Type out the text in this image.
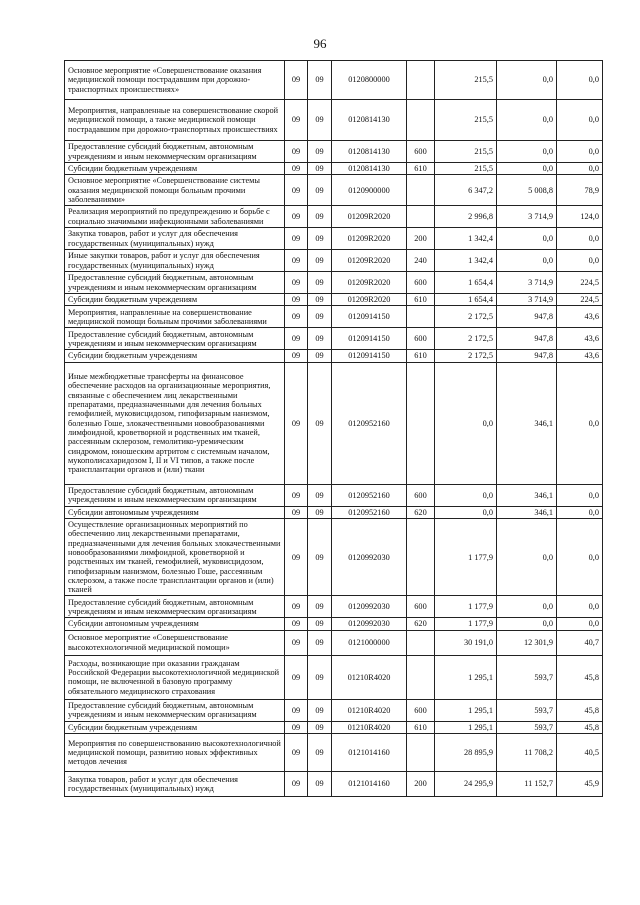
96
Основное мероприятие «Совершенствование оказания медицинской помощи пострадавшим при дорожно-транспортных происшествиях»	09	09	0120800000		215,5	0,0	0,0
Мероприятия, направленные на совершенствование скорой медицинской помощи, а также медицинской помощи пострадавшим при дорожно-транспортных происшествиях	09	09	0120814130		215,5	0,0	0,0
Предоставление субсидий бюджетным, автономным учреждениям и иным некоммерческим организациям	09	09	0120814130	600	215,5	0,0	0,0
Субсидии бюджетным учреждениям	09	09	0120814130	610	215,5	0,0	0,0
Основное мероприятие «Совершенствование системы оказания медицинской помощи больным прочими заболеваниями»	09	09	0120900000		6 347,2	5 008,8	78,9
Реализация мероприятий по предупреждению и борьбе с социально значимыми инфекционными заболеваниями	09	09	01209R2020		2 996,8	3 714,9	124,0
Закупка товаров, работ и услуг для обеспечения государственных (муниципальных) нужд	09	09	01209R2020	200	1 342,4	0,0	0,0
Иные закупки товаров, работ и услуг для обеспечения государственных (муниципальных) нужд	09	09	01209R2020	240	1 342,4	0,0	0,0
Предоставление субсидий бюджетным, автономным учреждениям и иным некоммерческим организациям	09	09	01209R2020	600	1 654,4	3 714,9	224,5
Субсидии бюджетным учреждениям	09	09	01209R2020	610	1 654,4	3 714,9	224,5
Мероприятия, направленные на совершенствование медицинской помощи больным прочими заболеваниями	09	09	0120914150		2 172,5	947,8	43,6
Предоставление субсидий бюджетным, автономным учреждениям и иным некоммерческим организациям	09	09	0120914150	600	2 172,5	947,8	43,6
Субсидии бюджетным учреждениям	09	09	0120914150	610	2 172,5	947,8	43,6
Иные межбюджетные трансферты на финансовое обеспечение расходов на организационные мероприятия, связанные с обеспечением лиц лекарственными препаратами, предназначенными для лечения больных гемофилией, муковисцидозом, гипофизарным нанизмом, болезнью Гоше, злокачественными новообразованиями лимфоидной, кроветворной и родственных им тканей, рассеянным склерозом, гемолитико-уремическим синдромом, юношеским артритом с системным началом, мукополисахаридозом I, II и VI типов, а также после трансплантации органов и (или) ткани	09	09	0120952160		0,0	346,1	0,0
Предоставление субсидий бюджетным, автономным учреждениям и иным некоммерческим организациям	09	09	0120952160	600	0,0	346,1	0,0
Субсидии автономным учреждениям	09	09	0120952160	620	0,0	346,1	0,0
Осуществление организационных мероприятий по обеспечению лиц лекарственными препаратами, предназначенными для лечения больных злокачественными новообразованиями лимфоидной, кроветворной и родственных им тканей, гемофилией, муковисцидозом, гипофизарным нанизмом, болезнью Гоше, рассеянным склерозом, а также после трансплантации органов и (или) тканей	09	09	0120992030		1 177,9	0,0	0,0
Предоставление субсидий бюджетным, автономным учреждениям и иным некоммерческим организациям	09	09	0120992030	600	1 177,9	0,0	0,0
Субсидии автономным учреждениям	09	09	0120992030	620	1 177,9	0,0	0,0
Основное мероприятие «Совершенствование высокотехнологичной медицинской помощи»	09	09	0121000000		30 191,0	12 301,9	40,7
Расходы, возникающие при оказании гражданам Российской Федерации высокотехнологичной медицинской помощи, не включенной в базовую программу обязательного медицинского страхования	09	09	01210R4020		1 295,1	593,7	45,8
Предоставление субсидий бюджетным, автономным учреждениям и иным некоммерческим организациям	09	09	01210R4020	600	1 295,1	593,7	45,8
Субсидии бюджетным учреждениям	09	09	01210R4020	610	1 295,1	593,7	45,8
Мероприятия по совершенствованию высокотехнологичной медицинской помощи, развитию новых эффективных методов лечения	09	09	0121014160		28 895,9	11 708,2	40,5
Закупка товаров, работ и услуг для обеспечения государственных (муниципальных) нужд	09	09	0121014160	200	24 295,9	11 152,7	45,9
